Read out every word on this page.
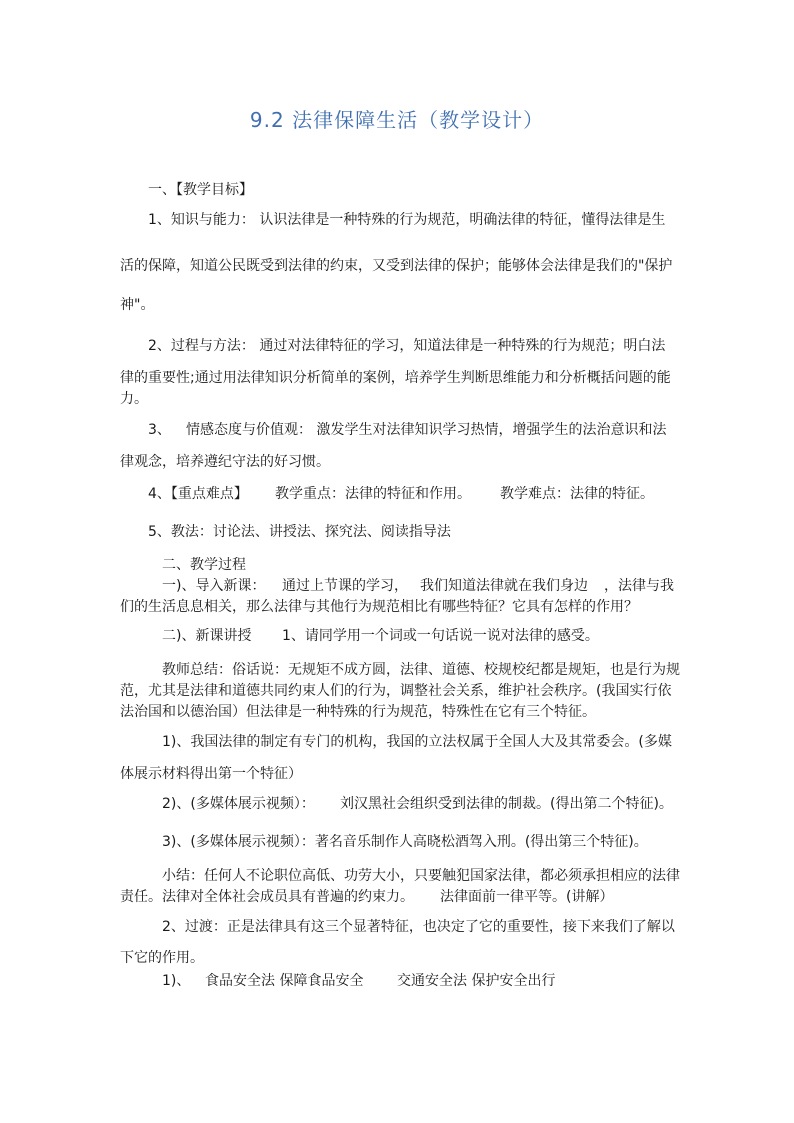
9.2 法律保障生活（教学设计）
一、【教学目标】
1、知识与能力： 认识法律是一种特殊的行为规范，明确法律的特征，懂得法律是生
活的保障，知道公民既受到法律的约束，又受到法律的保护；能够体会法律是我们的"保护
神"。
2、过程与方法： 通过对法律特征的学习，知道法律是一种特殊的行为规范；明白法
律的重要性;通过用法律知识分析简单的案例，培养学生判断思维能力和分析概括问题的能
力。
3、 情感态度与价值观： 激发学生对法律知识学习热情，增强学生的法治意识和法
律观念，培养遵纪守法的好习惯。
4、【重点难点】 教学重点：法律的特征和作用。 教学难点：法律的特征。
5、教法：讨论法、讲授法、探究法、阅读指导法
二、教学过程
一)、导入新课： 通过上节课的学习， 我们知道法律就在我们身边 ，法律与我
们的生活息息相关，那么法律与其他行为规范相比有哪些特征？它具有怎样的作用？
二)、新课讲授 1、请同学用一个词或一句话说一说对法律的感受。
教师总结：俗话说：无规矩不成方圆，法律、道德、校规校纪都是规矩，也是行为规
范，尤其是法律和道德共同约束人们的行为，调整社会关系，维护社会秩序。(我国实行依
法治国和以德治国）但法律是一种特殊的行为规范，特殊性在它有三个特征。
1)、我国法律的制定有专门的机构，我国的立法权属于全国人大及其常委会。(多媒
体展示材料得出第一个特征）
2)、(多媒体展示视频）： 刘汉黑社会组织受到法律的制裁。(得出第二个特征)。
3)、(多媒体展示视频）：著名音乐制作人高晓松酒驾入刑。(得出第三个特征)。
小结：任何人不论职位高低、功劳大小，只要触犯国家法律，都必须承担相应的法律
责任。法律对全体社会成员具有普遍的约束力。 法律面前一律平等。(讲解）
2、过渡：正是法律具有这三个显著特征，也决定了它的重要性，接下来我们了解以
下它的作用。
1)、 食品安全法 保障食品安全 交通安全法 保护安全出行
